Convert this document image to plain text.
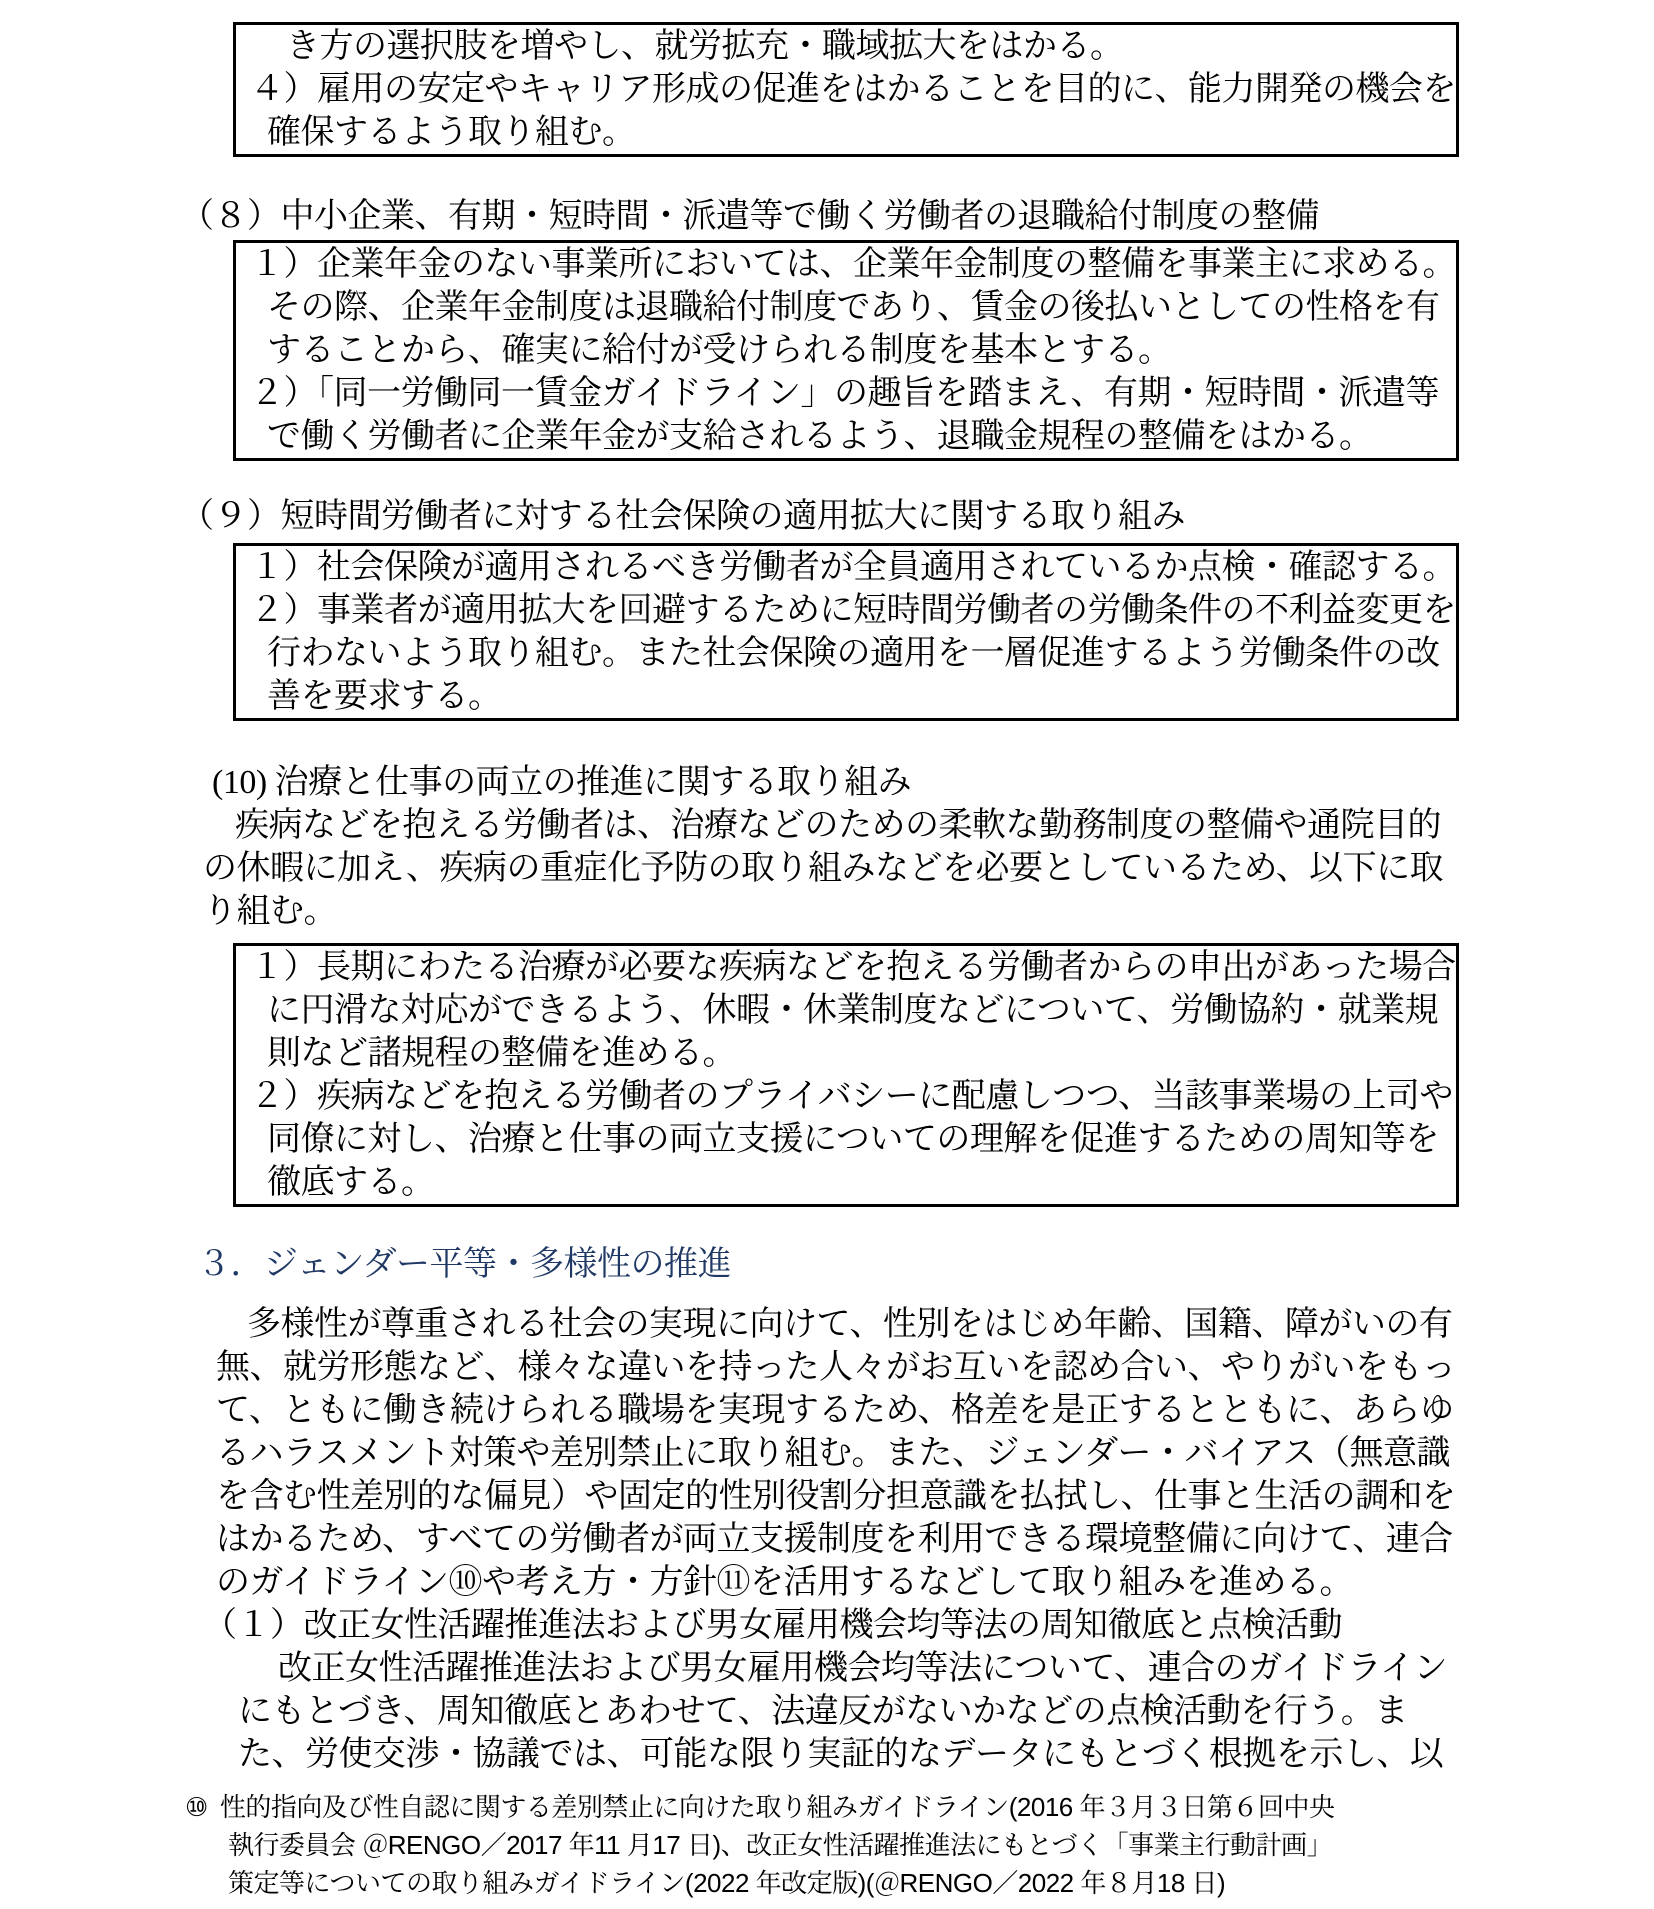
き方の選択肢を増やし、就労拡充・職域拡大をはかる。
４）雇用の安定やキャリア形成の促進をはかることを目的に、能力開発の機会を
確保するよう取り組む。
（８）中小企業、有期・短時間・派遣等で働く労働者の退職給付制度の整備
１）企業年金のない事業所においては、企業年金制度の整備を事業主に求める。
その際、企業年金制度は退職給付制度であり、賃金の後払いとしての性格を有
することから、確実に給付が受けられる制度を基本とする。
２）「同一労働同一賃金ガイドライン」の趣旨を踏まえ、有期・短時間・派遣等
で働く労働者に企業年金が支給されるよう、退職金規程の整備をはかる。
（９）短時間労働者に対する社会保険の適用拡大に関する取り組み
１）社会保険が適用されるべき労働者が全員適用されているか点検・確認する。
２）事業者が適用拡大を回避するために短時間労働者の労働条件の不利益変更を
行わないよう取り組む。また社会保険の適用を一層促進するよう労働条件の改
善を要求する。
(10) 治療と仕事の両立の推進に関する取り組み
疾病などを抱える労働者は、治療などのための柔軟な勤務制度の整備や通院目的
の休暇に加え、疾病の重症化予防の取り組みなどを必要としているため、以下に取
り組む。
１）長期にわたる治療が必要な疾病などを抱える労働者からの申出があった場合
に円滑な対応ができるよう、休暇・休業制度などについて、労働協約・就業規
則など諸規程の整備を進める。
２）疾病などを抱える労働者のプライバシーに配慮しつつ、当該事業場の上司や
同僚に対し、治療と仕事の両立支援についての理解を促進するための周知等を
徹底する。
３．ジェンダー平等・多様性の推進
多様性が尊重される社会の実現に向けて、性別をはじめ年齢、国籍、障がいの有
無、就労形態など、様々な違いを持った人々がお互いを認め合い、やりがいをもっ
て、ともに働き続けられる職場を実現するため、格差を是正するとともに、あらゆ
るハラスメント対策や差別禁止に取り組む。また、ジェンダー・バイアス（無意識
を含む性差別的な偏見）や固定的性別役割分担意識を払拭し、仕事と生活の調和を
はかるため、すべての労働者が両立支援制度を利用できる環境整備に向けて、連合
のガイドライン⑩や考え方・方針⑪を活用するなどして取り組みを進める。
（１）改正女性活躍推進法および男女雇用機会均等法の周知徹底と点検活動
改正女性活躍推進法および男女雇用機会均等法について、連合のガイドライン
にもとづき、周知徹底とあわせて、法違反がないかなどの点検活動を行う。ま
た、労使交渉・協議では、可能な限り実証的なデータにもとづく根拠を示し、以
⑩ 性的指向及び性自認に関する差別禁止に向けた取り組みガイドライン(2016 年３月３日第６回中央
執行委員会 ＠RENGO／2017 年11 月17 日)、改正女性活躍推進法にもとづく「事業主行動計画」
策定等についての取り組みガイドライン(2022 年改定版)(＠RENGO／2022 年８月18 日)
